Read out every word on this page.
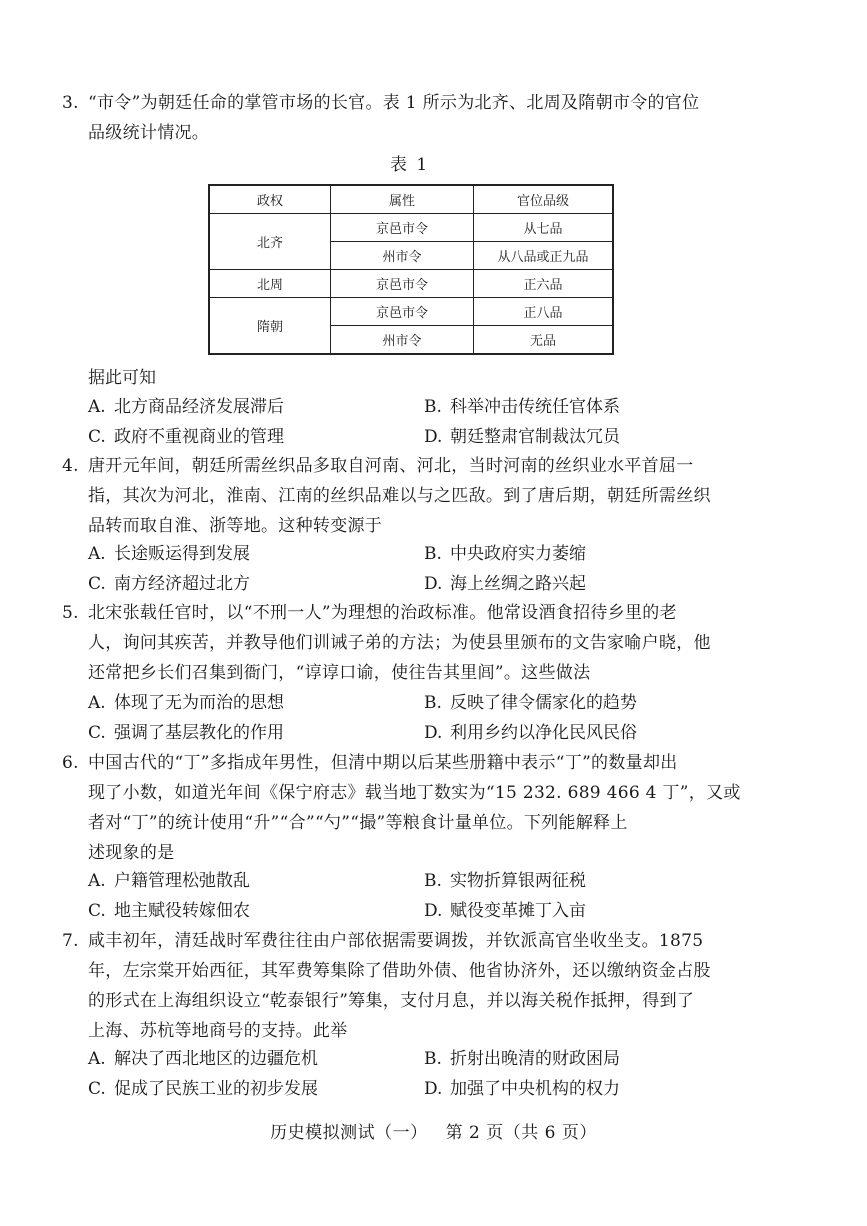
3. “市令”为朝廷任命的掌管市场的长官。表 1 所示为北齐、北周及隋朝市令的官位
品级统计情况。
表 1
政权	属性	官位品级
北齐	京邑市令	从七品
	州市令	从八品或正九品
北周	京邑市令	正六品
隋朝	京邑市令	正八品
	州市令	无品
据此可知
A. 北方商品经济发展滞后	B. 科举冲击传统任官体系
C. 政府不重视商业的管理	D. 朝廷整肃官制裁汰冗员
4. 唐开元年间，朝廷所需丝织品多取自河南、河北，当时河南的丝织业水平首屈一
指，其次为河北，淮南、江南的丝织品难以与之匹敌。到了唐后期，朝廷所需丝织
品转而取自淮、浙等地。这种转变源于
A. 长途贩运得到发展	B. 中央政府实力萎缩
C. 南方经济超过北方	D. 海上丝绸之路兴起
5. 北宋张载任官时，以“不刑一人”为理想的治政标准。他常设酒食招待乡里的老
人，询问其疾苦，并教导他们训诫子弟的方法；为使县里颁布的文告家喻户晓，他
还常把乡长们召集到衙门，“谆谆口谕，使往告其里闾”。这些做法
A. 体现了无为而治的思想	B. 反映了律令儒家化的趋势
C. 强调了基层教化的作用	D. 利用乡约以净化民风民俗
6. 中国古代的“丁”多指成年男性，但清中期以后某些册籍中表示“丁”的数量却出
现了小数，如道光年间《保宁府志》载当地丁数实为“15 232. 689 466 4 丁”，又或
者对“丁”的统计使用“升”“合”“勺”“撮”等粮食计量单位。下列能解释上
述现象的是
A. 户籍管理松弛散乱	B. 实物折算银两征税
C. 地主赋役转嫁佃农	D. 赋役变革摊丁入亩
7. 咸丰初年，清廷战时军费往往由户部依据需要调拨，并钦派高官坐收坐支。1875
年，左宗棠开始西征，其军费筹集除了借助外债、他省协济外，还以缴纳资金占股
的形式在上海组织设立“乾泰银行”筹集，支付月息，并以海关税作抵押，得到了
上海、苏杭等地商号的支持。此举
A. 解决了西北地区的边疆危机	B. 折射出晚清的财政困局
C. 促成了民族工业的初步发展	D. 加强了中央机构的权力
历史模拟测试（一） 第 2 页（共 6 页）
